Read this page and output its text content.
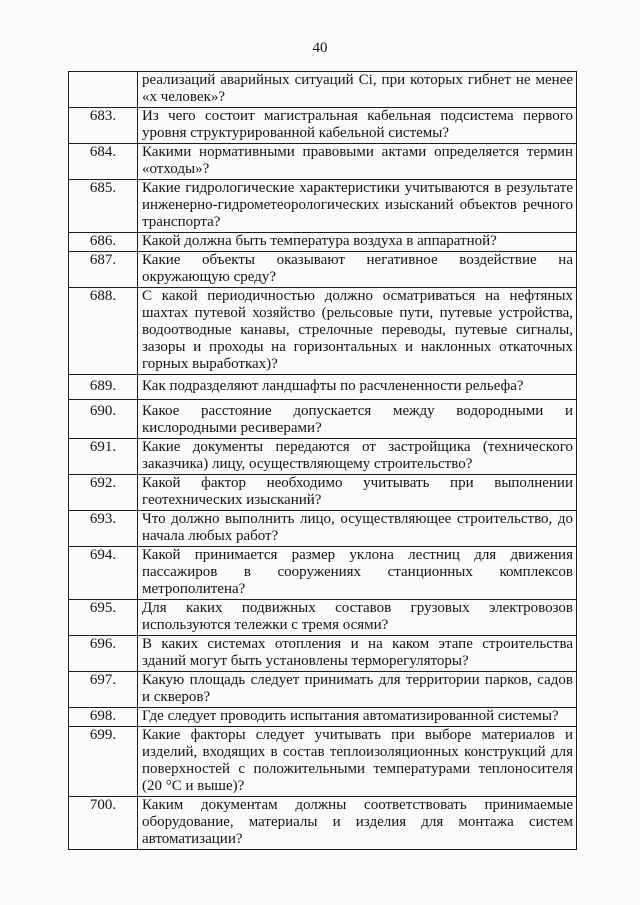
40
	реализаций аварийных ситуаций Ci, при которых гибнет не менее «х человек»?
683.	Из чего состоит магистральная кабельная подсистема первого уровня структурированной кабельной системы?
684.	Какими нормативными правовыми актами определяется термин «отходы»?
685.	Какие гидрологические характеристики учитываются в результате инженерно-гидрометеорологических изысканий объектов речного транспорта?
686.	Какой должна быть температура воздуха в аппаратной?
687.	Какие объекты оказывают негативное воздействие на окружающую среду?
688.	С какой периодичностью должно осматриваться на нефтяных шахтах путевой хозяйство (рельсовые пути, путевые устройства, водоотводные канавы, стрелочные переводы, путевые сигналы, зазоры и проходы на горизонтальных и наклонных откаточных горных выработках)?
689.	Как подразделяют ландшафты по расчлененности рельефа?
690.	Какое расстояние допускается между водородными и кислородными ресиверами?
691.	Какие документы передаются от застройщика (технического заказчика) лицу, осуществляющему строительство?
692.	Какой фактор необходимо учитывать при выполнении геотехнических изысканий?
693.	Что должно выполнить лицо, осуществляющее строительство, до начала любых работ?
694.	Какой принимается размер уклона лестниц для движения пассажиров в сооружениях станционных комплексов метрополитена?
695.	Для каких подвижных составов грузовых электровозов используются тележки с тремя осями?
696.	В каких системах отопления и на каком этапе строительства зданий могут быть установлены терморегуляторы?
697.	Какую площадь следует принимать для территории парков, садов и скверов?
698.	Где следует проводить испытания автоматизированной системы?
699.	Какие факторы следует учитывать при выборе материалов и изделий, входящих в состав теплоизоляционных конструкций для поверхностей с положительными температурами теплоносителя (20 °С и выше)?
700.	Каким документам должны соответствовать принимаемые оборудование, материалы и изделия для монтажа систем автоматизации?
